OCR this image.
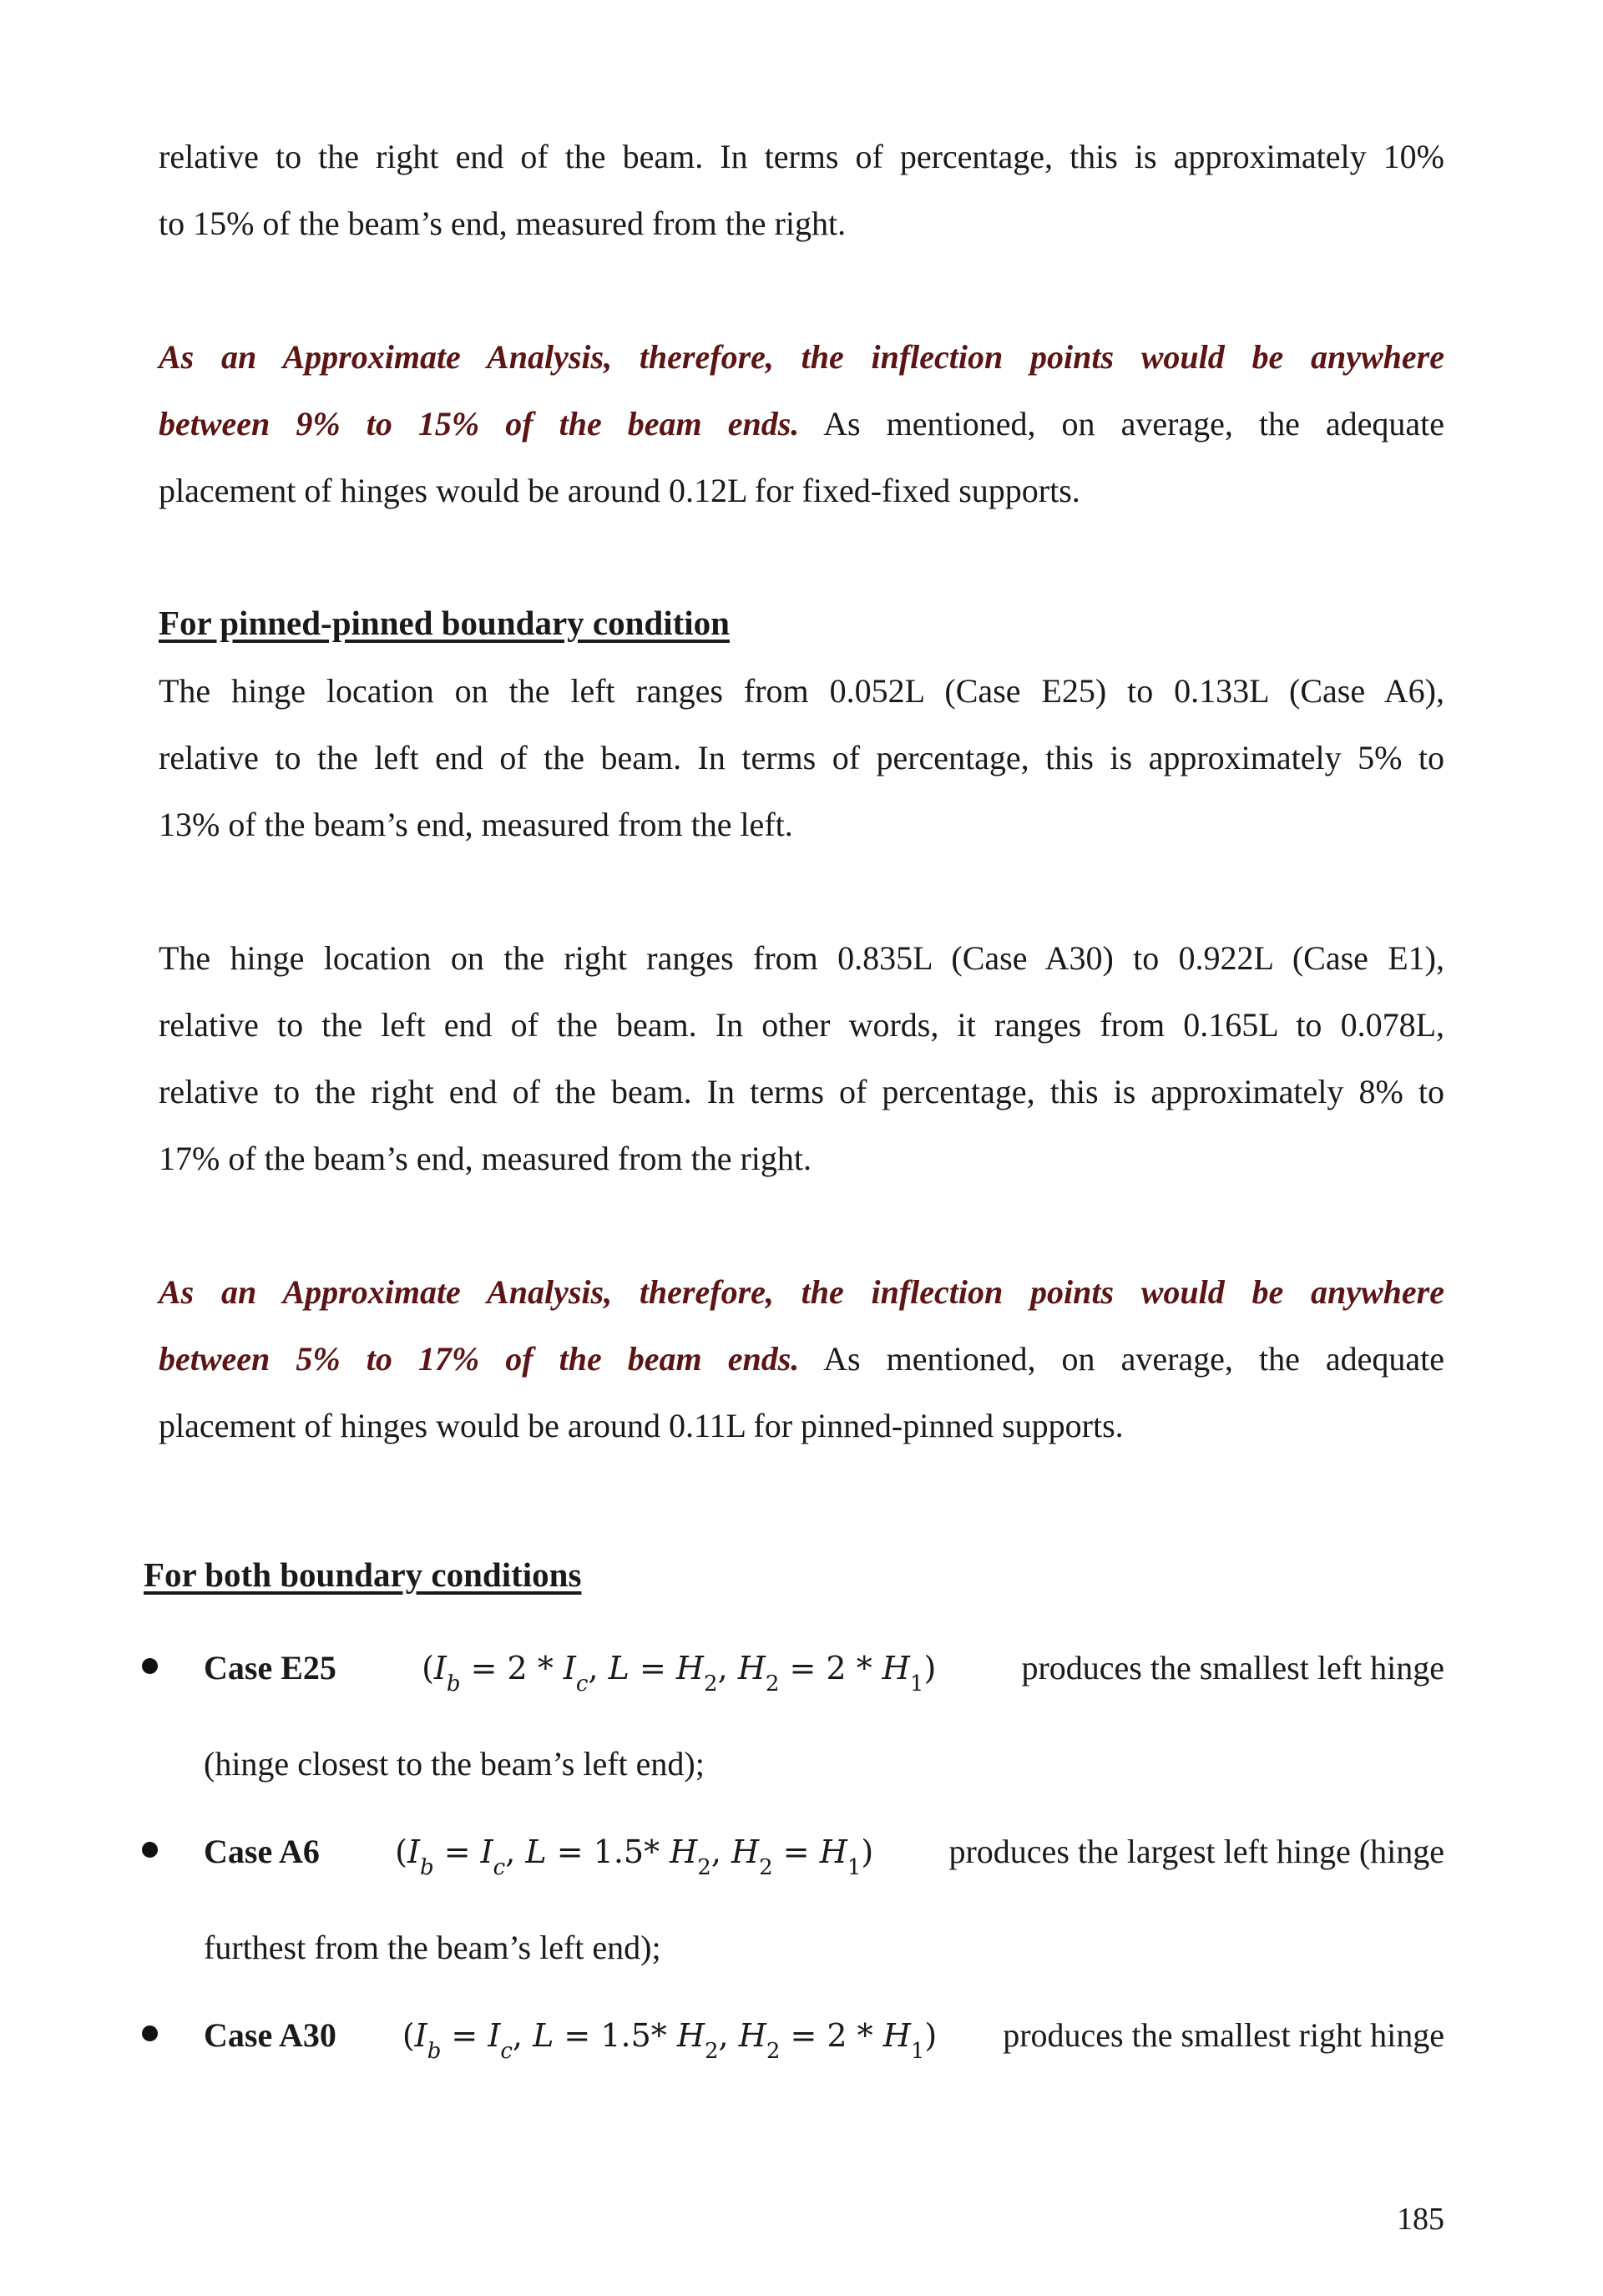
relative to the right end of the beam. In terms of percentage, this is approximately 10%
to 15% of the beam’s end, measured from the right.

As an Approximate Analysis, therefore, the inflection points would be anywhere
between 9% to 15% of the beam ends. As mentioned, on average, the adequate
placement of hinges would be around 0.12L for fixed-fixed supports.

For pinned-pinned boundary condition

The hinge location on the left ranges from 0.052L (Case E25) to 0.133L (Case A6),
relative to the left end of the beam. In terms of percentage, this is approximately 5% to
13% of the beam’s end, measured from the left.

The hinge location on the right ranges from 0.835L (Case A30) to 0.922L (Case E1),
relative to the left end of the beam. In other words, it ranges from 0.165L to 0.078L,
relative to the right end of the beam. In terms of percentage, this is approximately 8% to
17% of the beam’s end, measured from the right.

As an Approximate Analysis, therefore, the inflection points would be anywhere
between 5% to 17% of the beam ends. As mentioned, on average, the adequate
placement of hinges would be around 0.11L for pinned-pinned supports.

For both boundary conditions

Case E25	($I_b = 2 * I_c$, $L = H_2$, $H_2 = 2 * H_1$)	produces the smallest left hinge
(hinge closest to the beam’s left end);
Case A6 ($I_b = I_c$, L = 1.5* $H_2$, $H_2 = H_1$) produces the largest left hinge (hinge
furthest from the beam’s left end);
Case A30 ($I_b = I_c$, L = 1.5* $H_2$, $H_2 = 2 * H_1$) produces the smallest right hinge
185
